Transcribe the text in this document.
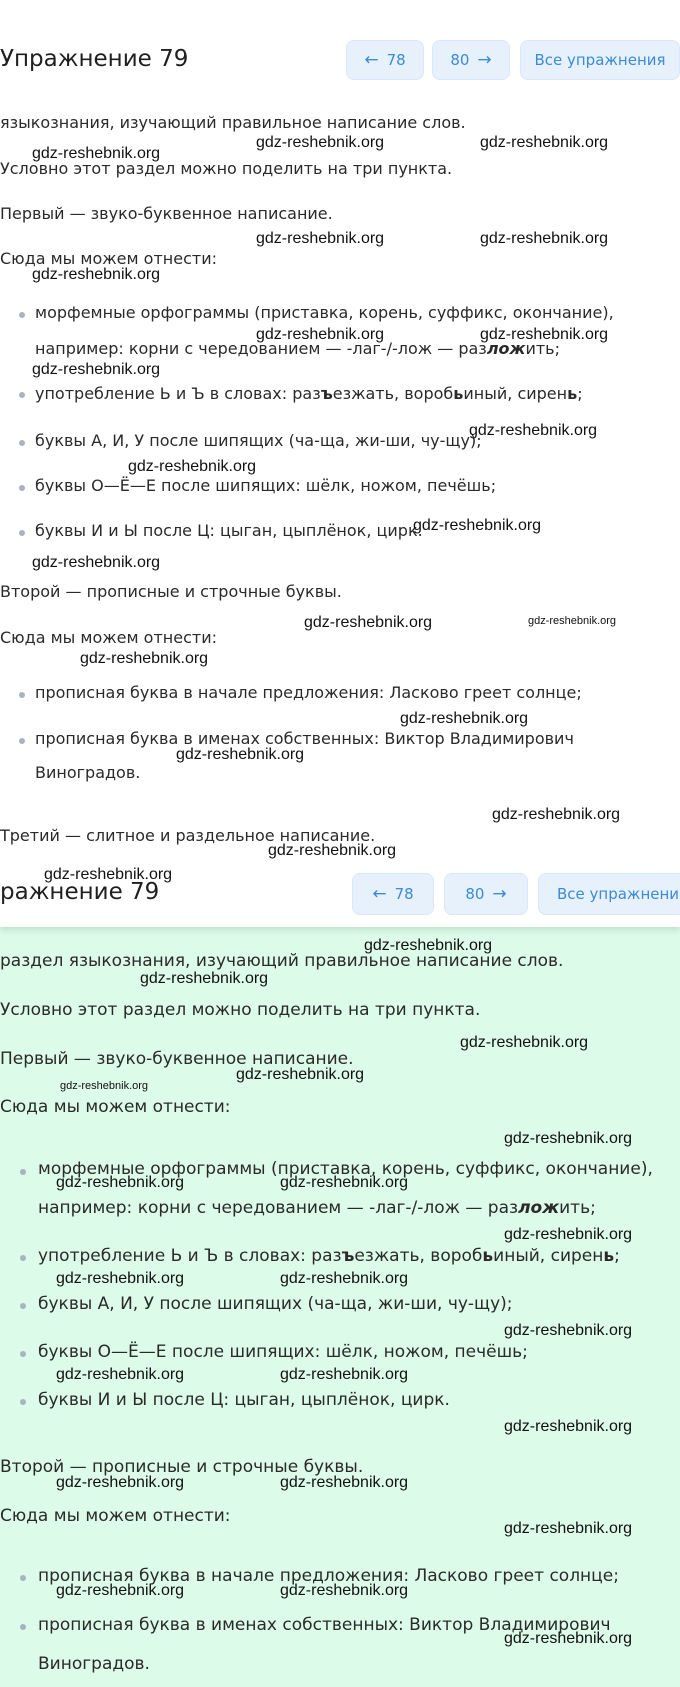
Упражнение 79	← 78	80 →	Все упражнения
языкознания, изучающий правильное написание слов.
Условно этот раздел можно поделить на три пункта.
Первый — звуко-буквенное написание.
Сюда мы можем отнести:
морфемные орфограммы (приставка, корень, суффикс, окончание),
например: корни с чередованием — -лаг-/-лож — разложить;
употребление Ь и Ъ в словах: разъезжать, воробьиный, сирень;
буквы А, И, У после шипящих (ча-ща, жи-ши, чу-щу);
буквы О—Ё—Е после шипящих: шёлк, ножом, печёшь;
буквы И и Ы после Ц: цыган, цыплёнок, цирк.
Второй — прописные и строчные буквы.
Сюда мы можем отнести:
прописная буква в начале предложения: Ласково греет солнце;
прописная буква в именах собственных: Виктор Владимирович
Виноградов.
Третий — слитное и раздельное написание.
ражнение 79	← 78	80 →	Все упражнени
раздел языкознания, изучающий правильное написание слов.
Условно этот раздел можно поделить на три пункта.
Первый — звуко-буквенное написание.
Сюда мы можем отнести:
морфемные орфограммы (приставка, корень, суффикс, окончание),
например: корни с чередованием — -лаг-/-лож — разложить;
употребление Ь и Ъ в словах: разъезжать, воробьиный, сирень;
буквы А, И, У после шипящих (ча-ща, жи-ши, чу-щу);
буквы О—Ё—Е после шипящих: шёлк, ножом, печёшь;
буквы И и Ы после Ц: цыган, цыплёнок, цирк.
Второй — прописные и строчные буквы.
Сюда мы можем отнести:
прописная буква в начале предложения: Ласково греет солнце;
прописная буква в именах собственных: Виктор Владимирович
Виноградов.
gdz-reshebnik.org	gdz-reshebnik.org
gdz-reshebnik.org
gdz-reshebnik.org	gdz-reshebnik.org
gdz-reshebnik.org
gdz-reshebnik.org	gdz-reshebnik.org
gdz-reshebnik.org
gdz-reshebnik.org
gdz-reshebnik.org
gdz-reshebnik.org
gdz-reshebnik.org
gdz-reshebnik.org	gdz-reshebnik.org
gdz-reshebnik.org
gdz-reshebnik.org
gdz-reshebnik.org
gdz-reshebnik.org
gdz-reshebnik.org
gdz-reshebnik.org
gdz-reshebnik.org
gdz-reshebnik.org
gdz-reshebnik.org
gdz-reshebnik.org
gdz-reshebnik.org
gdz-reshebnik.org
gdz-reshebnik.org	gdz-reshebnik.org
gdz-reshebnik.org
gdz-reshebnik.org	gdz-reshebnik.org
gdz-reshebnik.org
gdz-reshebnik.org	gdz-reshebnik.org
gdz-reshebnik.org
gdz-reshebnik.org	gdz-reshebnik.org
gdz-reshebnik.org
gdz-reshebnik.org	gdz-reshebnik.org
gdz-reshebnik.org
